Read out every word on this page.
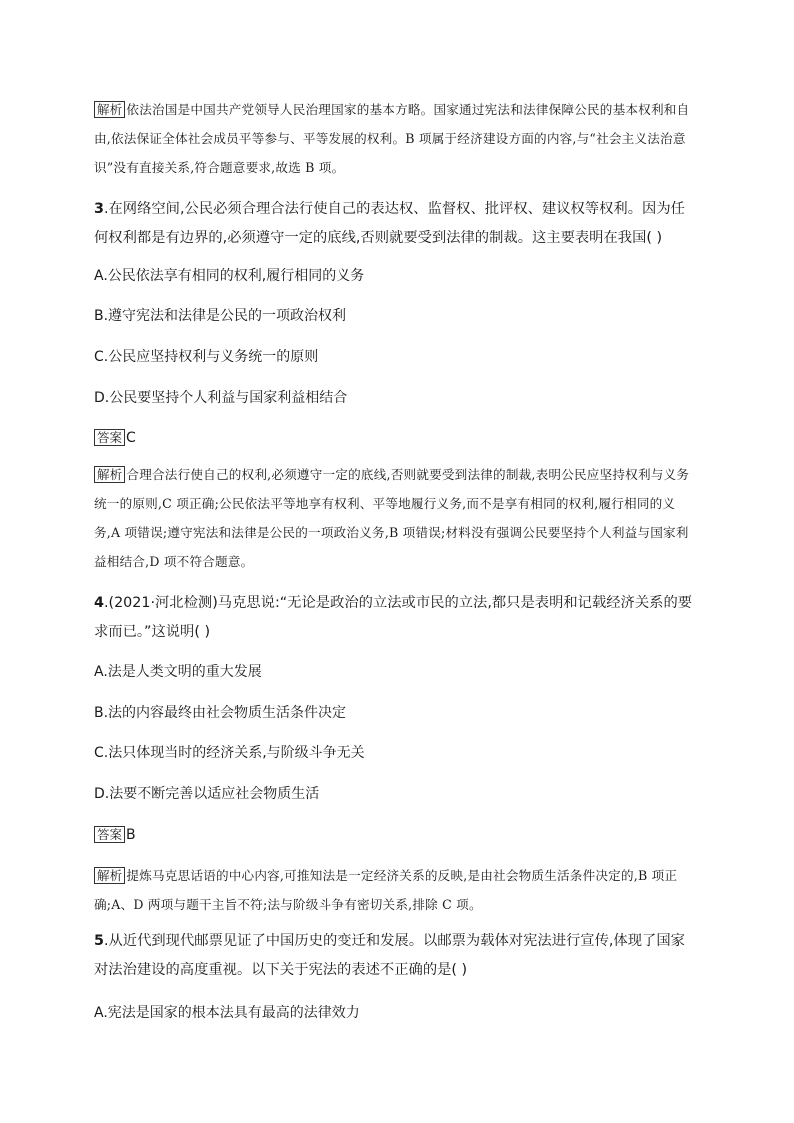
解析 依法治国是中国共产党领导人民治理国家的基本方略。国家通过宪法和法律保障公民的基本权利和自由,依法保证全体社会成员平等参与、平等发展的权利。B 项属于经济建设方面的内容,与“社会主义法治意识”没有直接关系,符合题意要求,故选 B 项。
3.在网络空间,公民必须合理合法行使自己的表达权、监督权、批评权、建议权等权利。因为任何权利都是有边界的,必须遵守一定的底线,否则就要受到法律的制裁。这主要表明在我国( )
A.公民依法享有相同的权利,履行相同的义务
B.遵守宪法和法律是公民的一项政治权利
C.公民应坚持权利与义务统一的原则
D.公民要坚持个人利益与国家利益相结合
答案 C
解析 合理合法行使自己的权利,必须遵守一定的底线,否则就要受到法律的制裁,表明公民应坚持权利与义务统一的原则,C 项正确;公民依法平等地享有权利、平等地履行义务,而不是享有相同的权利,履行相同的义务,A 项错误;遵守宪法和法律是公民的一项政治义务,B 项错误;材料没有强调公民要坚持个人利益与国家利益相结合,D 项不符合题意。
4.(2021·河北检测)马克思说:“无论是政治的立法或市民的立法,都只是表明和记载经济关系的要求而已。”这说明( )
A.法是人类文明的重大发展
B.法的内容最终由社会物质生活条件决定
C.法只体现当时的经济关系,与阶级斗争无关
D.法要不断完善以适应社会物质生活
答案 B
解析 提炼马克思话语的中心内容,可推知法是一定经济关系的反映,是由社会物质生活条件决定的,B 项正确;A、D 两项与题干主旨不符;法与阶级斗争有密切关系,排除 C 项。
5.从近代到现代邮票见证了中国历史的变迁和发展。以邮票为载体对宪法进行宣传,体现了国家对法治建设的高度重视。以下关于宪法的表述不正确的是( )
A.宪法是国家的根本法具有最高的法律效力
